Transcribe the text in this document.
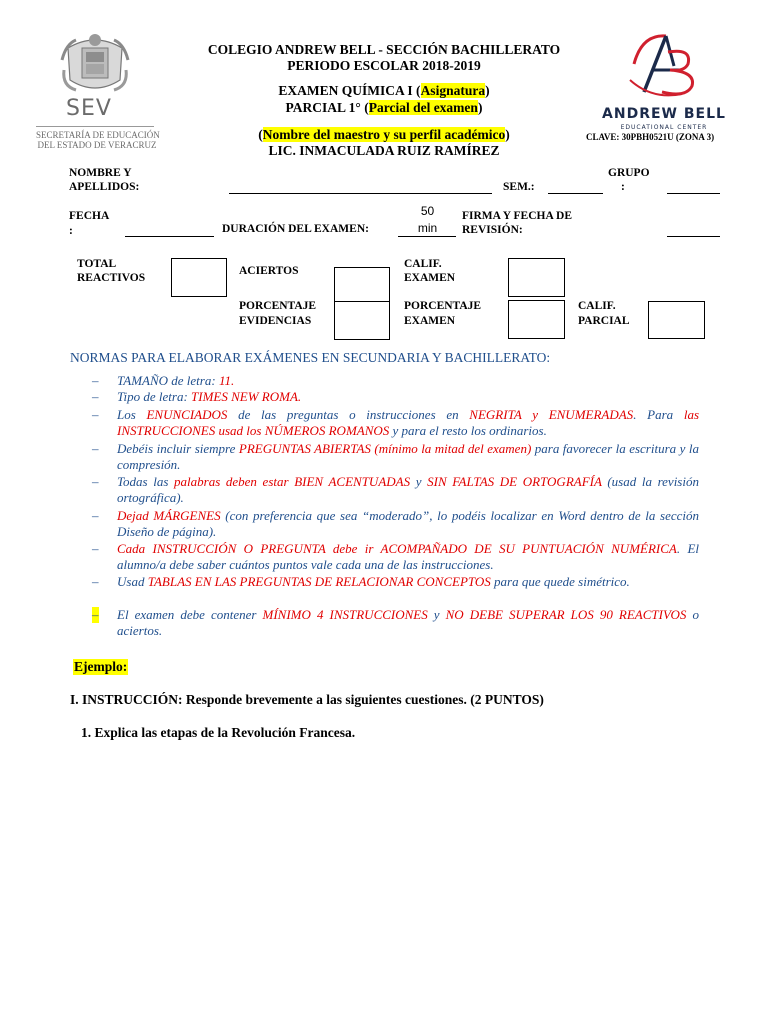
SEV
SECRETARÍA DE EDUCACIÓN
DEL ESTADO DE VERACRUZ
ANDREW BELL
EDUCATIONAL CENTER
CLAVE: 30PBH0521U (ZONA 3)
COLEGIO ANDREW BELL - SECCIÓN BACHILLERATO
PERIODO ESCOLAR 2018-2019
EXAMEN QUÍMICA I (Asignatura)
PARCIAL 1° (Parcial del examen)
(Nombre del maestro y su perfil académico)
LIC. INMACULADA RUIZ RAMÍREZ
NOMBRE Y
APELLIDOS:	SEM.:
GRUPO
:
FECHA
:	DURACIÓN DEL EXAMEN:
50
min
FIRMA Y FECHA DE
REVISIÓN:
TOTAL
REACTIVOS
ACIERTOS
CALIF.
EXAMEN
PORCENTAJE
EVIDENCIAS
PORCENTAJE
EXAMEN
CALIF.
PARCIAL
NORMAS PARA ELABORAR EXÁMENES EN SECUNDARIA Y BACHILLERATO:
– TAMAÑO de letra: 11.
– Tipo de letra: TIMES NEW ROMA.
– Los ENUNCIADOS de las preguntas o instrucciones en NEGRITA y ENUMERADAS. Para las INSTRUCCIONES usad los NÚMEROS ROMANOS y para el resto los ordinarios.
– Debéis incluir siempre PREGUNTAS ABIERTAS (mínimo la mitad del examen) para favorecer la escritura y la compresión.
– Todas las palabras deben estar BIEN ACENTUADAS y SIN FALTAS DE ORTOGRAFÍA (usad la revisión ortográfica).
– Dejad MÁRGENES (con preferencia que sea “moderado”, lo podéis localizar en Word dentro de la sección Diseño de página).
– Cada INSTRUCCIÓN O PREGUNTA debe ir ACOMPAÑADO DE SU PUNTUACIÓN NUMÉRICA. El alumno/a debe saber cuántos puntos vale cada una de las instrucciones.
– Usad TABLAS EN LAS PREGUNTAS DE RELACIONAR CONCEPTOS para que quede simétrico.
– El examen debe contener MÍNIMO 4 INSTRUCCIONES y NO DEBE SUPERAR LOS 90 REACTIVOS o aciertos.
Ejemplo:
I. INSTRUCCIÓN: Responde brevemente a las siguientes cuestiones. (2 PUNTOS)
1. Explica las etapas de la Revolución Francesa.
